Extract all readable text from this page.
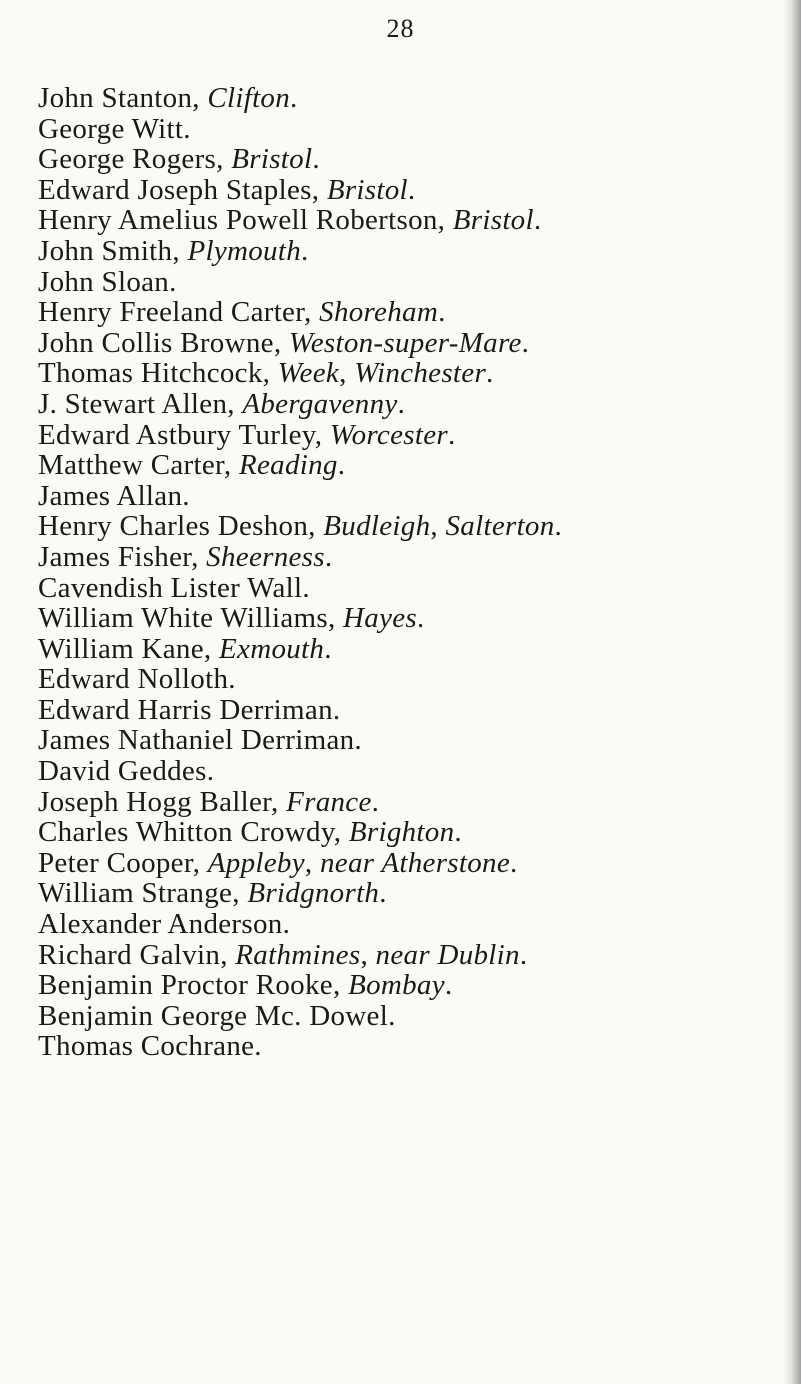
28
John Stanton, Clifton.
George Witt.
George Rogers, Bristol.
Edward Joseph Staples, Bristol.
Henry Amelius Powell Robertson, Bristol.
John Smith, Plymouth.
John Sloan.
Henry Freeland Carter, Shoreham.
John Collis Browne, Weston-super-Mare.
Thomas Hitchcock, Week, Winchester.
J. Stewart Allen, Abergavenny.
Edward Astbury Turley, Worcester.
Matthew Carter, Reading.
James Allan.
Henry Charles Deshon, Budleigh, Salterton.
James Fisher, Sheerness.
Cavendish Lister Wall.
William White Williams, Hayes.
William Kane, Exmouth.
Edward Nolloth.
Edward Harris Derriman.
James Nathaniel Derriman.
David Geddes.
Joseph Hogg Baller, France.
Charles Whitton Crowdy, Brighton.
Peter Cooper, Appleby, near Atherstone.
William Strange, Bridgnorth.
Alexander Anderson.
Richard Galvin, Rathmines, near Dublin.
Benjamin Proctor Rooke, Bombay.
Benjamin George Mc. Dowel.
Thomas Cochrane.
